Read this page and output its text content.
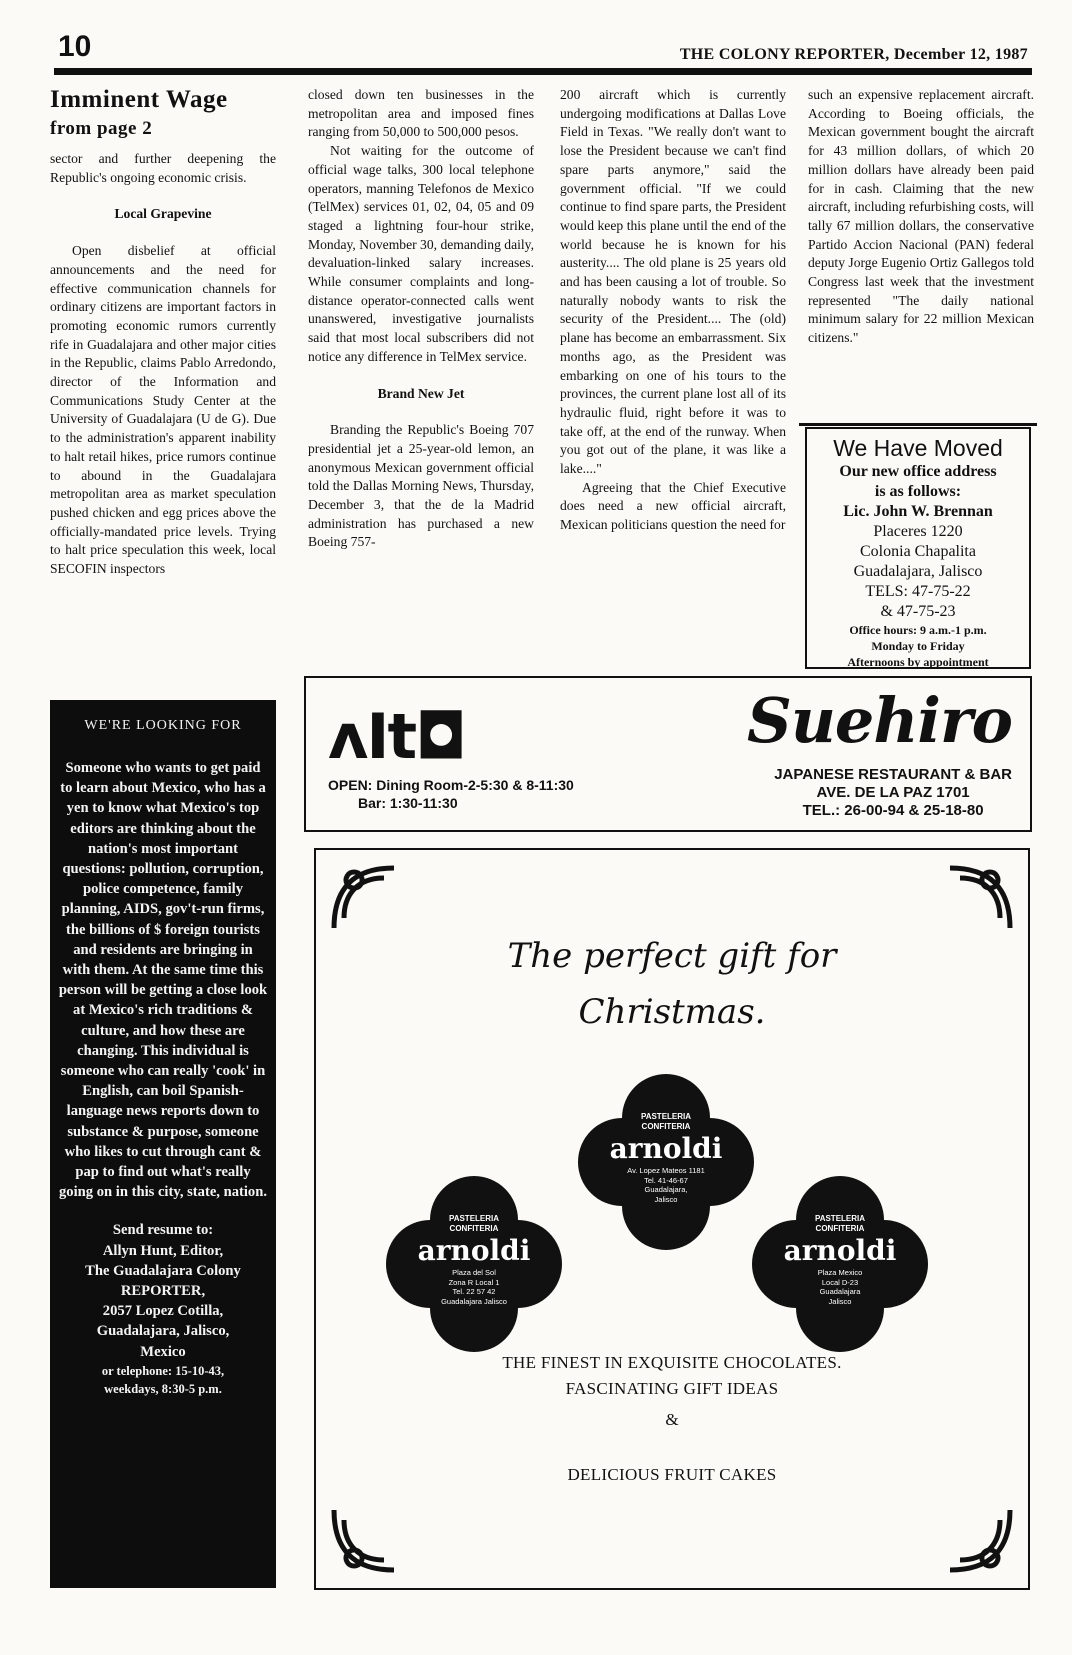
10	THE COLONY REPORTER, December 12, 1987
Imminent Wage
from page 2

sector and further deepening the Republic's ongoing economic crisis.

Local Grapevine

Open disbelief at official announcements and the need for effective communication channels for ordinary citizens are important factors in promoting economic rumors currently rife in Guadalajara and other major cities in the Republic, claims Pablo Arredondo, director of the Information and Communications Study Center at the University of Guadalajara (U de G). Due to the administration's apparent inability to halt retail hikes, price rumors continue to abound in the Guadalajara metropolitan area as market speculation pushed chicken and egg prices above the officially-mandated price levels. Trying to halt price speculation this week, local SECOFIN inspectors

closed down ten businesses in the metropolitan area and imposed fines ranging from 50,000 to 500,000 pesos.

Not waiting for the outcome of official wage talks, 300 local telephone operators, manning Telefonos de Mexico (TelMex) services 01, 02, 04, 05 and 09 staged a lightning four-hour strike, Monday, November 30, demanding daily, devaluation-linked salary increases. While consumer complaints and long-distance operator-connected calls went unanswered, investigative journalists said that most local subscribers did not notice any difference in TelMex service.

Brand New Jet

Branding the Republic's Boeing 707 presidential jet a 25-year-old lemon, an anonymous Mexican government official told the Dallas Morning News, Thursday, December 3, that the de la Madrid administration has purchased a new Boeing 757-

200 aircraft which is currently undergoing modifications at Dallas Love Field in Texas. "We really don't want to lose the President because we can't find spare parts anymore," said the government official. "If we could continue to find spare parts, the President would keep this plane until the end of the world because he is known for his austerity.... The old plane is 25 years old and has been causing a lot of trouble. So naturally nobody wants to risk the security of the President.... The (old) plane has become an embarrassment. Six months ago, as the President was embarking on one of his tours to the provinces, the current plane lost all of its hydraulic fluid, right before it was to take off, at the end of the runway. When you got out of the plane, it was like a lake...."

Agreeing that the Chief Executive does need a new official aircraft, Mexican politicians question the need for

such an expensive replacement aircraft. According to Boeing officials, the Mexican government bought the aircraft for 43 million dollars, of which 20 million dollars have already been paid for in cash. Claiming that the new aircraft, including refurbishing costs, will tally 67 million dollars, the conservative Partido Accion Nacional (PAN) federal deputy Jorge Eugenio Ortiz Gallegos told Congress last week that the investment represented "The daily national minimum salary for 22 million Mexican citizens."

We Have Moved
Our new office address
is as follows:
Lic. John W. Brennan
Placeres 1220
Colonia Chapalita
Guadalajara, Jalisco
TELS: 47-75-22
& 47-75-23
Office hours: 9 a.m.-1 p.m.
Monday to Friday
Afternoons by appointment
ʌIt◘
OPEN: Dining Room-2-5:30 & 8-11:30
Bar: 1:30-11:30
Suehiro
JAPANESE RESTAURANT & BAR
AVE. DE LA PAZ 1701
TEL.: 26-00-94 & 25-18-80
WE'RE LOOKING FOR
Someone who wants to get paid to learn about Mexico, who has a yen to know what Mexico's top editors are thinking about the nation's most important questions: pollution, corruption, police competence, family planning, AIDS, gov't-run firms, the billions of $ foreign tourists and residents are bringing in with them. At the same time this person will be getting a close look at Mexico's rich traditions & culture, and how these are changing. This individual is someone who can really 'cook' in English, can boil Spanish-language news reports down to substance & purpose, someone who likes to cut through cant & pap to find out what's really going on in this city, state, nation.
Send resume to:
Allyn Hunt, Editor,
The Guadalajara Colony
REPORTER,
2057 Lopez Cotilla,
Guadalajara, Jalisco,
Mexico
or telephone: 15-10-43,
weekdays, 8:30-5 p.m.
The perfect gift for
Christmas.
PASTELERIA
CONFITERIA
arnoldi
Av. Lopez Mateos 1181
Tel. 41-46-67
Guadalajara,
Jalisco
PASTELERIA
CONFITERIA
arnoldi
Plaza del Sol
Zona R Local 1
Tel. 22 57 42
Guadalajara Jalisco
PASTELERIA
CONFITERIA
arnoldi
Plaza Mexico
Local D-23
Guadalajara
Jalisco
THE FINEST IN EXQUISITE CHOCOLATES.
FASCINATING GIFT IDEAS
&
DELICIOUS FRUIT CAKES
